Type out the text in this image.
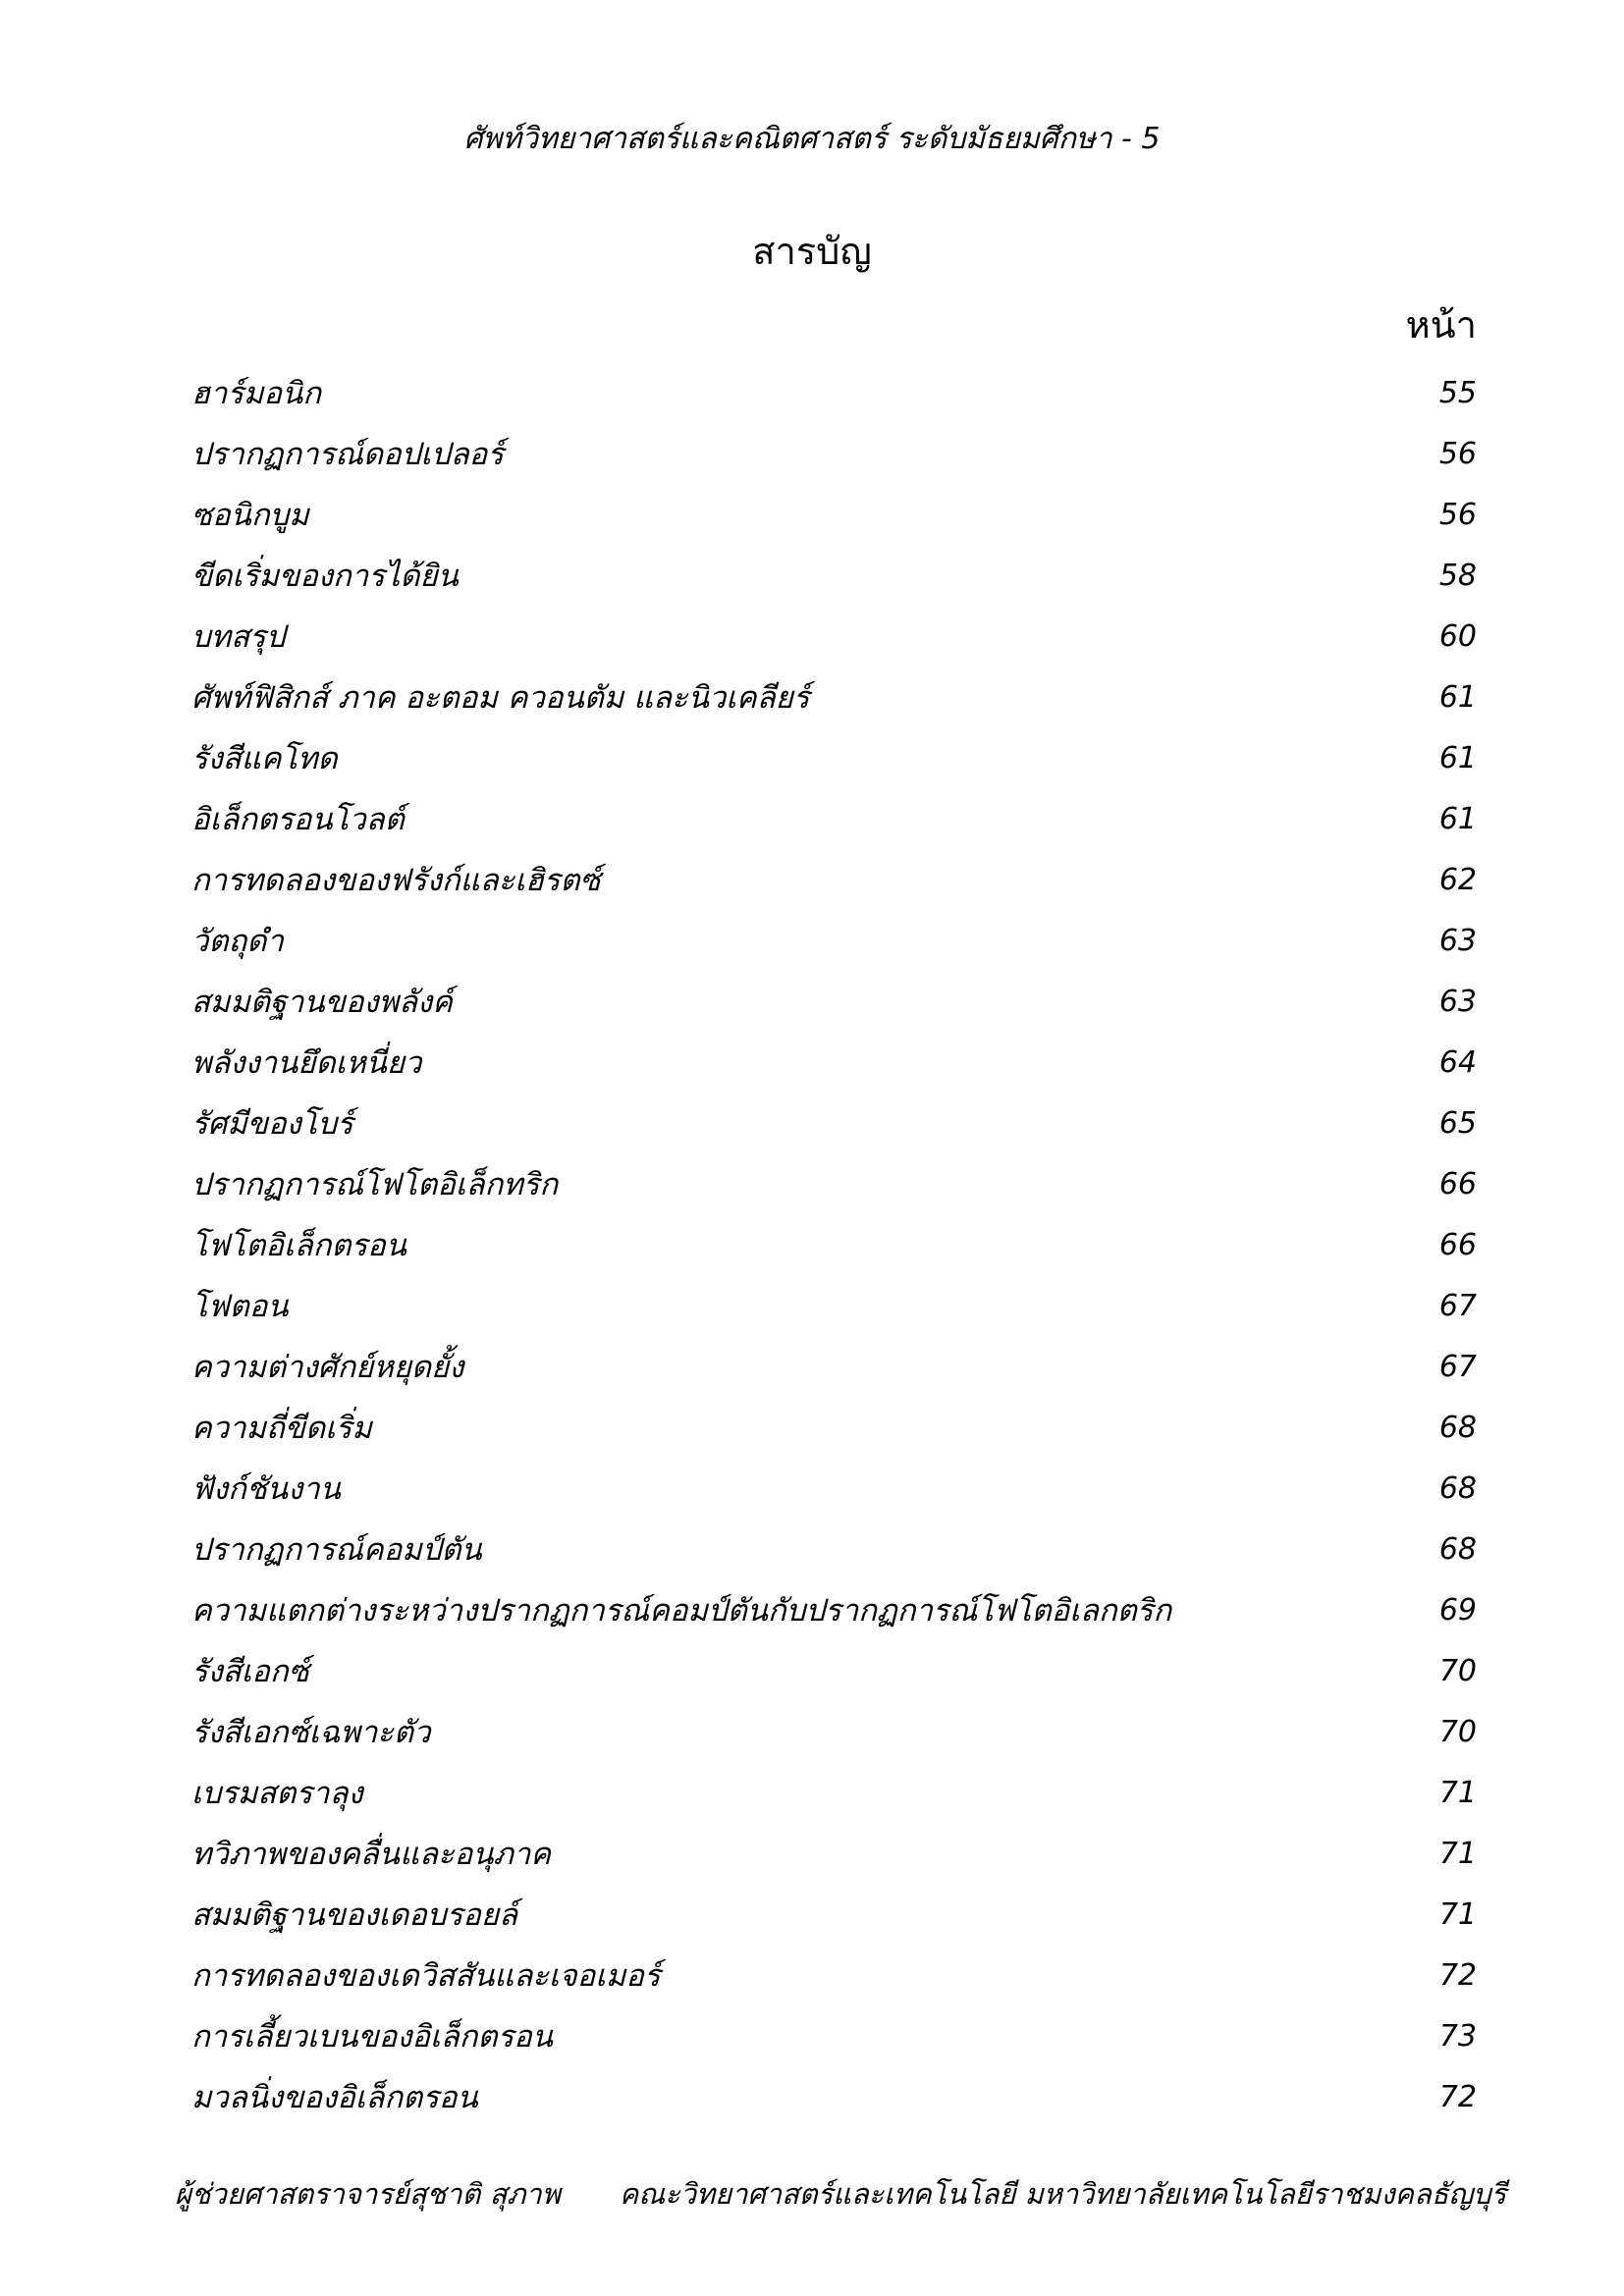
ศัพท์วิทยาศาสตร์และคณิตศาสตร์ ระดับมัธยมศึกษา - 5
สารบัญ
หน้า
ฮาร์มอนิก	55
ปรากฏการณ์ดอปเปลอร์	56
ซอนิกบูม	56
ขีดเริ่มของการได้ยิน	58
บทสรุป	60
ศัพท์ฟิสิกส์ ภาค อะตอม ควอนตัม และนิวเคลียร์	61
รังสีแคโทด	61
อิเล็กตรอนโวลต์	61
การทดลองของฟรังก์และเฮิรตซ์	62
วัตถุดำ	63
สมมติฐานของพลังค์	63
พลังงานยึดเหนี่ยว	64
รัศมีของโบร์	65
ปรากฏการณ์โฟโตอิเล็กทริก	66
โฟโตอิเล็กตรอน	66
โฟตอน	67
ความต่างศักย์หยุดยั้ง	67
ความถี่ขีดเริ่ม	68
ฟังก์ชันงาน	68
ปรากฏการณ์คอมป์ตัน	68
ความแตกต่างระหว่างปรากฏการณ์คอมป์ตันกับปรากฏการณ์โฟโตอิเลกตริก	69
รังสีเอกซ์	70
รังสีเอกซ์เฉพาะตัว	70
เบรมสตราลุง	71
ทวิภาพของคลื่นและอนุภาค	71
สมมติฐานของเดอบรอยล์	71
การทดลองของเดวิสสันและเจอเมอร์	72
การเลี้ยวเบนของอิเล็กตรอน	73
มวลนิ่งของอิเล็กตรอน	72
ผู้ช่วยศาสตราจารย์สุชาติ สุภาพ คณะวิทยาศาสตร์และเทคโนโลยี มหาวิทยาลัยเทคโนโลยีราชมงคลธัญบุรี
